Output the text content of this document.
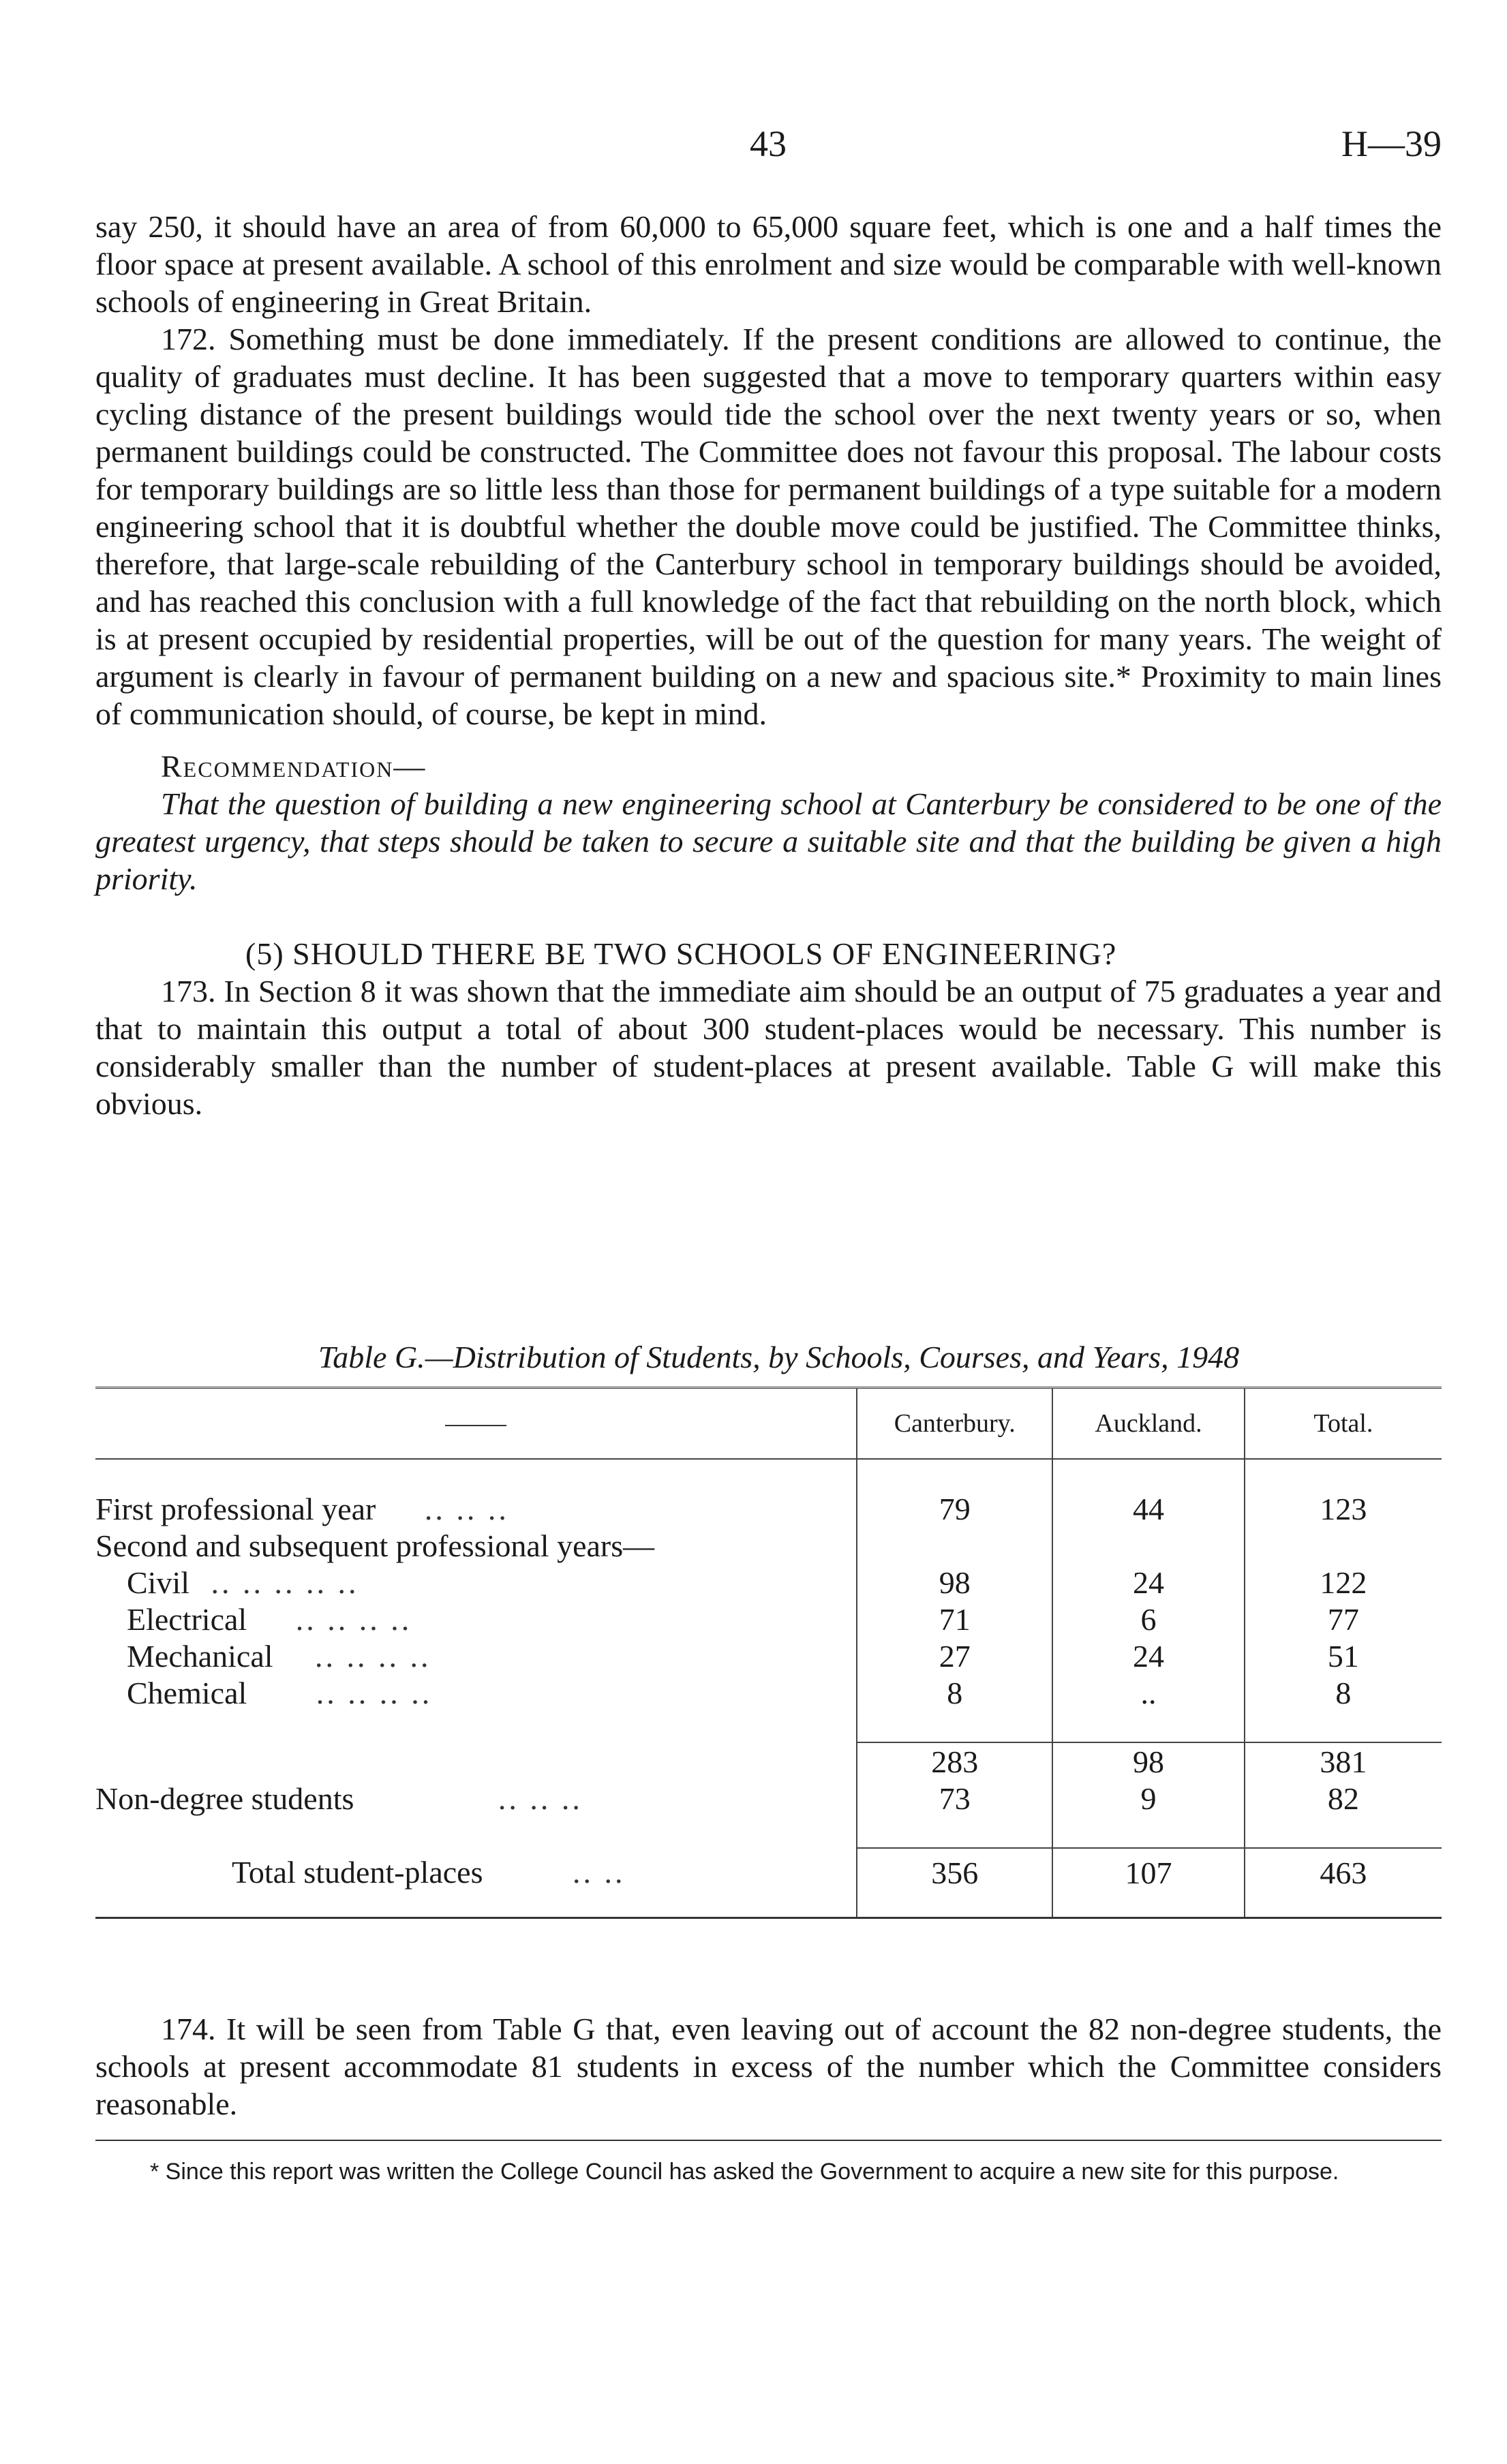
43	H—39

say 250, it should have an area of from 60,000 to 65,000 square feet, which is one and a half times the floor space at present available. A school of this enrolment and size would be comparable with well-known schools of engineering in Great Britain.

172. Something must be done immediately. If the present conditions are allowed to continue, the quality of graduates must decline. It has been suggested that a move to temporary quarters within easy cycling distance of the present buildings would tide the school over the next twenty years or so, when permanent buildings could be constructed. The Committee does not favour this proposal. The labour costs for temporary buildings are so little less than those for permanent buildings of a type suitable for a modern engineering school that it is doubtful whether the double move could be justified. The Committee thinks, therefore, that large-scale rebuilding of the Canterbury school in temporary buildings should be avoided, and has reached this conclusion with a full knowledge of the fact that rebuilding on the north block, which is at present occupied by residential properties, will be out of the question for many years. The weight of argument is clearly in favour of permanent building on a new and spacious site.* Proximity to main lines of communication should, of course, be kept in mind.

Recommendation—

That the question of building a new engineering school at Canterbury be considered to be one of the greatest urgency, that steps should be taken to secure a suitable site and that the building be given a high priority.

(5) SHOULD THERE BE TWO SCHOOLS OF ENGINEERING?

173. In Section 8 it was shown that the immediate aim should be an output of 75 graduates a year and that to maintain this output a total of about 300 student-places would be necessary. This number is considerably smaller than the number of student-places at present available. Table G will make this obvious.

Table G.—Distribution of Students, by Schools, Courses, and Years, 1948
	Canterbury.	Auckland.	Total.

First professional year .. .. ..	79	44	123
Second and subsequent professional years—			
Civil .. .. .. .. ..	98	24	122
Electrical .. .. .. ..	71	6	77
Mechanical .. .. .. ..	27	24	51
Chemical .. .. .. ..	8	..	8

	283	98	381
Non-degree students .. .. ..	73	9	82

Total student-places .. ..	356	107	463

174. It will be seen from Table G that, even leaving out of account the 82 non-degree students, the schools at present accommodate 81 students in excess of the number which the Committee considers reasonable.

* Since this report was written the College Council has asked the Government to acquire a new site for this purpose.
